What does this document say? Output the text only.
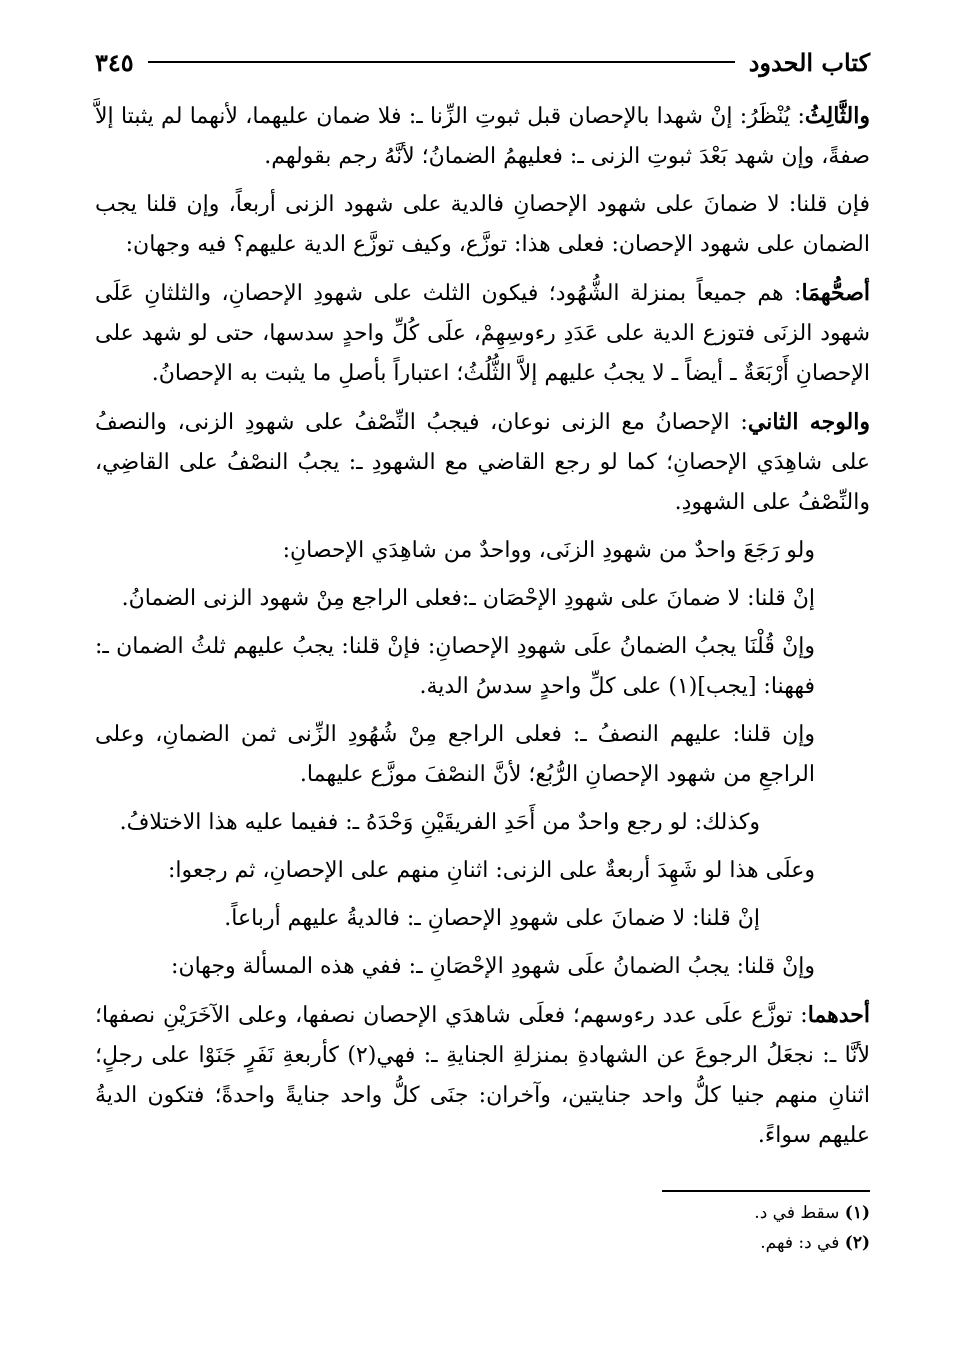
كتاب الحدود
٣٤٥

والثَّالِثُ: يُنْظَرُ: إنْ شهدا بالإحصان قبل ثبوتِ الزِّنا ـ: فلا ضمان عليهما، لأنهما لم يثبتا إلاَّ صفةً، وإن شهد بَعْدَ ثبوتِ الزنى ـ: فعليهمُ الضمانُ؛ لأنَّهُ رجم بقولهم.

فإن قلنا: لا ضمانَ على شهود الإحصانِ فالدية على شهود الزنى أربعاً، وإن قلنا يجب الضمان على شهود الإحصان: فعلى هذا: توزَّع، وكيف توزَّع الدية عليهم؟ فيه وجهان:

أصحُّهمَا: هم جميعاً بمنزلة الشُّهُود؛ فيكون الثلث على شهودِ الإحصانِ، والثلثانِ عَلَى شهود الزنَى فتوزع الدية على عَدَدِ رءوسِهِمْ، علَى كُلِّ واحدٍ سدسها، حتى لو شهد على الإحصانِ أَرْبَعَةٌ ـ أيضاً ـ لا يجبُ عليهم إلاَّ الثُّلُثُ؛ اعتباراً بأصلِ ما يثبت به الإحصانُ.

والوجه الثاني: الإحصانُ مع الزنى نوعان، فيجبُ النِّصْفُ على شهودِ الزنى، والنصفُ على شاهِدَي الإحصانِ؛ كما لو رجع القاضي مع الشهودِ ـ: يجبُ النصْفُ على القاضِي، والنِّصْفُ على الشهودِ.

ولو رَجَعَ واحدٌ من شهودِ الزنَى، وواحدٌ من شاهِدَي الإحصانِ:

إنْ قلنا: لا ضمانَ على شهودِ الإحْصَان ـ:فعلى الراجع مِنْ شهود الزنى الضمانُ.

وإنْ قُلْنَا يجبُ الضمانُ علَى شهودِ الإحصانِ: فإنْ قلنا: يجبُ عليهم ثلثُ الضمان ـ: فههنا: [يجب](١) على كلِّ واحدٍ سدسُ الدية.

وإن قلنا: عليهم النصفُ ـ: فعلى الراجع مِنْ شُهُودِ الزِّنى ثمن الضمانِ، وعلى الراجعِ من شهود الإحصانِ الرُّبُع؛ لأنَّ النصْفَ موزَّع عليهما.

وكذلك: لو رجع واحدٌ من أَحَدِ الفريقَيْنِ وَحْدَهُ ـ: ففيما عليه هذا الاختلافُ.

وعلَى هذا لو شَهِدَ أربعةٌ على الزنى: اثنانِ منهم على الإحصانِ، ثم رجعوا:

إنْ قلنا: لا ضمانَ على شهودِ الإحصانِ ـ: فالديةُ عليهم أرباعاً.

وإنْ قلنا: يجبُ الضمانُ علَى شهودِ الإحْصَانِ ـ: ففي هذه المسألة وجهان:

أحدهما: توزَّع علَى عدد رءوسهم؛ فعلَى شاهدَي الإحصان نصفها، وعلى الآخَرَيْنِ نصفها؛ لأنَّا ـ: نجعَلُ الرجوعَ عن الشهادةِ بمنزلةِ الجنايةِ ـ: فهي(٢) كأربعةِ نَفَرٍ جَنَوْا على رجلٍ؛ اثنانِ منهم جنيا كلُّ واحد جنايتين، وآخران: جنَى كلُّ واحد جنايةً واحدةً؛ فتكون الديةُ عليهم سواءً.

(١) سقط في د.

(٢) في د: فهم.
